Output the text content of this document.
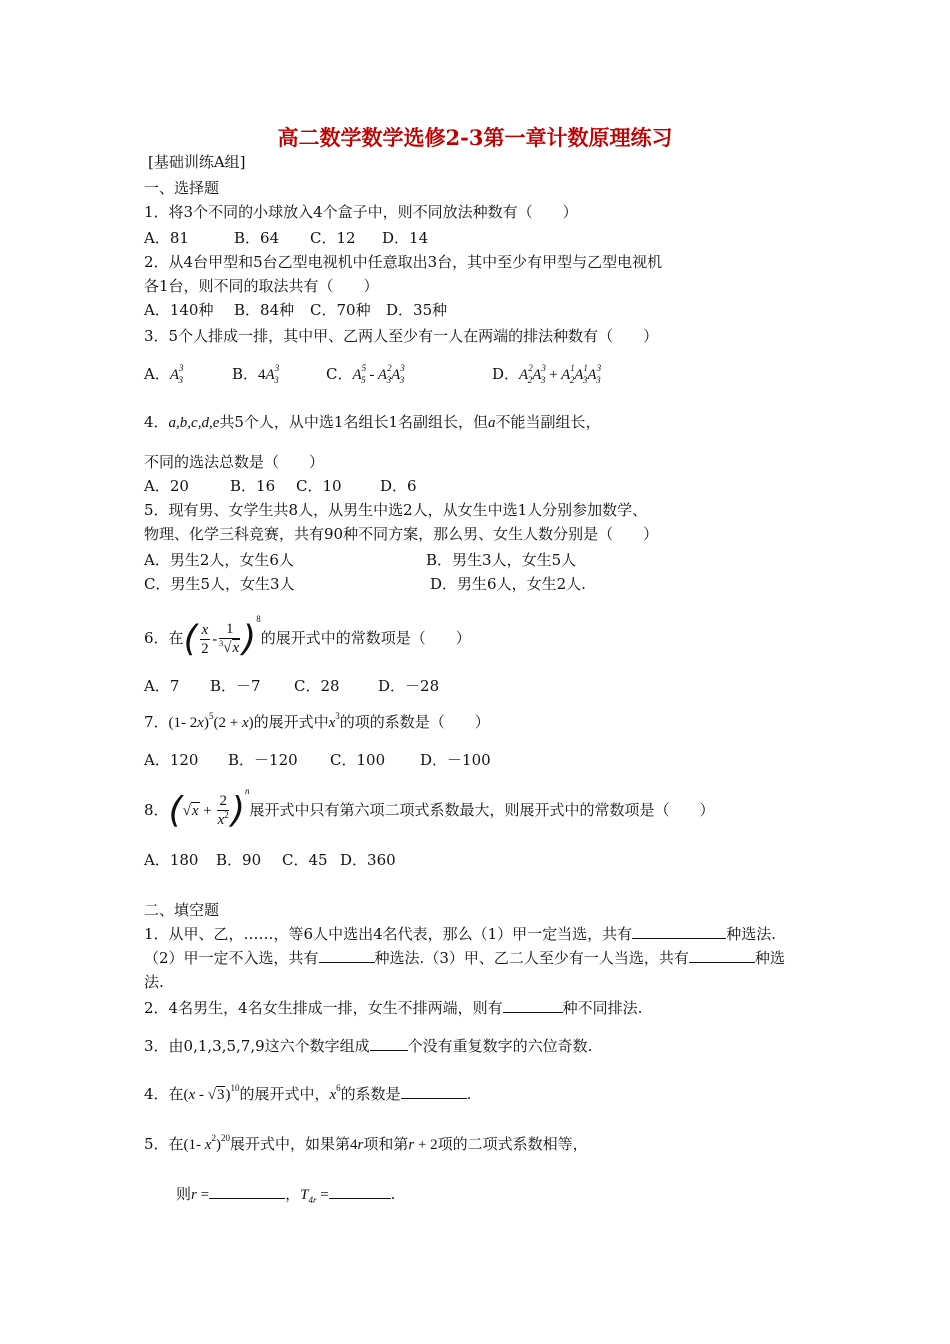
高二数学数学选修2-3第一章计数原理练习
[基础训练A组]
一、选择题
1．将3个不同的小球放入4个盒子中，则不同放法种数有（　　）
A．81	B．64 C．12 D．14
2．从4台甲型和5台乙型电视机中任意取出3台，其中至少有甲型与乙型电视机
各1台，则不同的取法共有（　　）
A．140种 B．84种 C．70种 D．35种
3．5个人排成一排，其中甲、乙两人至少有一人在两端的排法种数有（　　）
A．$A^3_3$	B．$4A^3_3$	C．$A^5_5 - A^2_3A^3_3$	D．$A^2_2A^3_3 + A^1_2A^1_3A^3_3$
4．a,b,c,d,e共5个人，从中选1名组长1名副组长，但a不能当副组长，
不同的选法总数是（　　）
A．20	B．16 C．10	D．6
5．现有男、女学生共8人，从男生中选2人，从女生中选1人分别参加数学、
物理、化学三科竞赛，共有90种不同方案，那么男、女生人数分别是（　　）
A．男生2人，女生6人	B．男生3人，女生5人
C．男生5人，女生3人	D．男生6人，女生2人.
6．在( $\frac{x}{2} - \frac{1}{^3√x} )^8$的展开式中的常数项是（　　）
A．7 B．－7 C．28	D．－28
7．(1- 2x)$^5$(2 + x)的展开式中$x^3$的项的系数是（　　）
A．120 B．－120 C．100 D．－100
8．$(√x + \frac{2}{x^2} )^n$展开式中只有第六项二项式系数最大，则展开式中的常数项是（　　）
A．180 B．90 C．45 D．360
二、填空题
1．从甲、乙，……，等6人中选出4名代表，那么（1）甲一定当选，共有	种选法.
（2）甲一定不入选，共有	种选法.（3）甲、乙二人至少有一人当选，共有	种选
法.
2．4名男生，4名女生排成一排，女生不排两端，则有	种不同排法.
3．由0,1,3,5,7,9这六个数字组成	个没有重复数字的六位奇数.
4．在(x - √3)$^{10}$的展开式中，$x^6$的系数是	.
5．在(1- $x^2)^{20}$展开式中，如果第4r项和第r + 2项的二项式系数相等，
则r =	，$T_{4r}$ =	.
